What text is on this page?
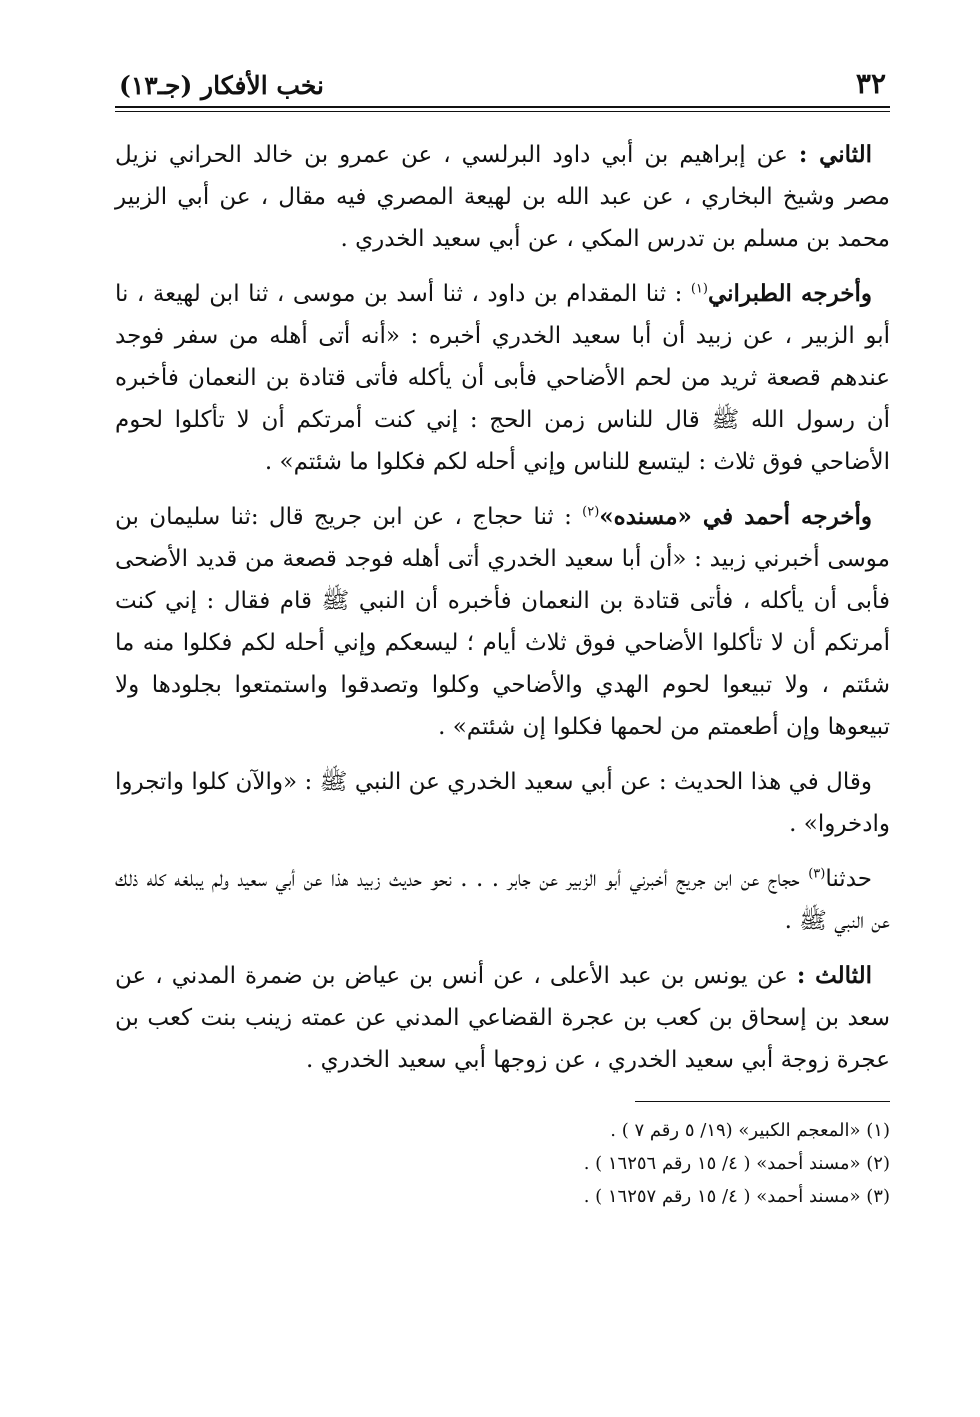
٣٢
نخب الأفكار (جـ١٣)

الثاني : عن إبراهيم بن أبي داود البرلسي ، عن عمرو بن خالد الحراني نزيل مصر وشيخ البخاري ، عن عبد الله بن لهيعة المصري فيه مقال ، عن أبي الزبير محمد بن مسلم بن تدرس المكي ، عن أبي سعيد الخدري .

وأخرجه الطبراني$^{(١)}$ : ثنا المقدام بن داود ، ثنا أسد بن موسى ، ثنا ابن لهيعة ، نا أبو الزبير ، عن زبيد أن أبا سعيد الخدري أخبره : «أنه أتى أهله من سفر فوجد عندهم قصعة ثريد من لحم الأضاحي فأبى أن يأكله فأتى قتادة بن النعمان فأخبره أن رسول الله ﷺ قال للناس زمن الحج : إني كنت أمرتكم أن لا تأكلوا لحوم الأضاحي فوق ثلاث : ليتسع للناس وإني أحله لكم فكلوا ما شئتم» .

وأخرجه أحمد في «مسنده»$^{(٢)}$ : ثنا حجاج ، عن ابن جريج قال :ثنا سليمان بن موسى أخبرني زبيد : «أن أبا سعيد الخدري أتى أهله فوجد قصعة من قديد الأضحى فأبى أن يأكله ، فأتى قتادة بن النعمان فأخبره أن النبي ﷺ قام فقال : إني كنت أمرتكم أن لا تأكلوا الأضاحي فوق ثلاث أيام ؛ ليسعكم وإني أحله لكم فكلوا منه ما شئتم ، ولا تبيعوا لحوم الهدي والأضاحي وكلوا وتصدقوا واستمتعوا بجلودها ولا تبيعوها وإن أطعمتم من لحمها فكلوا إن شئتم» .

وقال في هذا الحديث : عن أبي سعيد الخدري عن النبي ﷺ : «والآن كلوا واتجروا وادخروا» .

حدثنا$^{(٣)}$ حجاج عن ابن جريج أخبرني أبو الزبير عن جابر . . . نحو حديث زبيد هذا عن أبي سعيد ولم يبلغه كله ذلك عن النبي ﷺ .

الثالث : عن يونس بن عبد الأعلى ، عن أنس بن عياض بن ضمرة المدني ، عن سعد بن إسحاق بن كعب بن عجرة القضاعي المدني عن عمته زينب بنت كعب بن عجرة زوجة أبي سعيد الخدري ، عن زوجها أبي سعيد الخدري .

(١) «المعجم الكبير» (١٩/ ٥ رقم ٧ ) .

(٢) «مسند أحمد» ( ٤/ ١٥ رقم ١٦٢٥٦ ) .

(٣) «مسند أحمد» ( ٤/ ١٥ رقم ١٦٢٥٧ ) .
